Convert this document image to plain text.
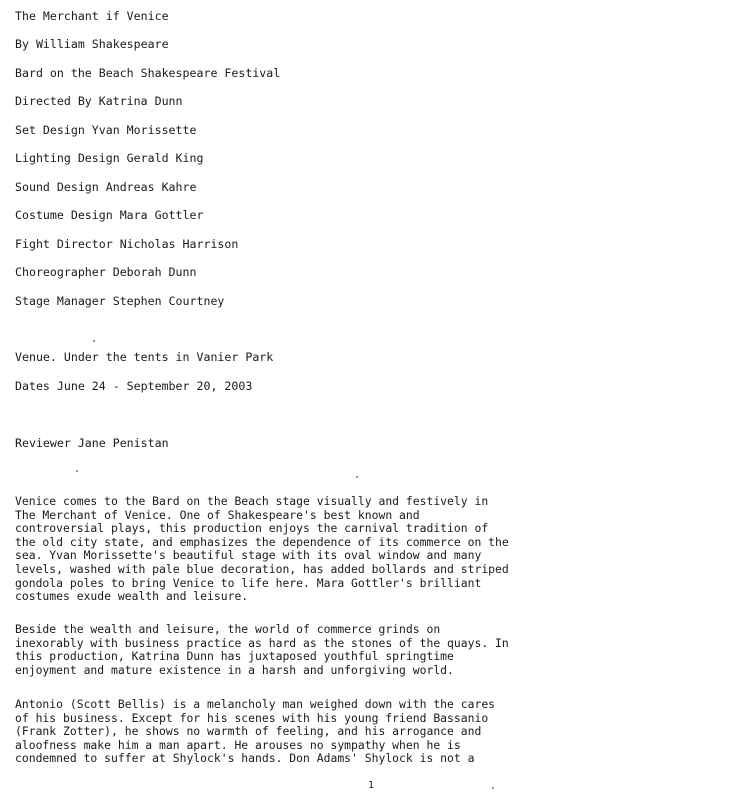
The Merchant if Venice
By William Shakespeare
Bard on the Beach Shakespeare Festival
Directed By Katrina Dunn
Set Design Yvan Morissette
Lighting Design Gerald King
Sound Design Andreas Kahre
Costume Design Mara Gottler
Fight Director Nicholas Harrison
Choreographer Deborah Dunn
Stage Manager Stephen Courtney
Venue. Under the tents in Vanier Park
Dates June 24 - September 20, 2003
Reviewer Jane Penistan
Venice comes to the Bard on the Beach stage visually and festively in
The Merchant of Venice. One of Shakespeare's best known and
controversial plays, this production enjoys the carnival tradition of
the old city state, and emphasizes the dependence of its commerce on the
sea. Yvan Morissette's beautiful stage with its oval window and many
levels, washed with pale blue decoration, has added bollards and striped
gondola poles to bring Venice to life here. Mara Gottler's brilliant
costumes exude wealth and leisure.
Beside the wealth and leisure, the world of commerce grinds on
inexorably with business practice as hard as the stones of the quays. In
this production, Katrina Dunn has juxtaposed youthful springtime
enjoyment and mature existence in a harsh and unforgiving world.
Antonio (Scott Bellis) is a melancholy man weighed down with the cares
of his business. Except for his scenes with his young friend Bassanio
(Frank Zotter), he shows no warmth of feeling, and his arrogance and
aloofness make him a man apart. He arouses no sympathy when he is
condemned to suffer at Shylock's hands. Don Adams' Shylock is not a
1
